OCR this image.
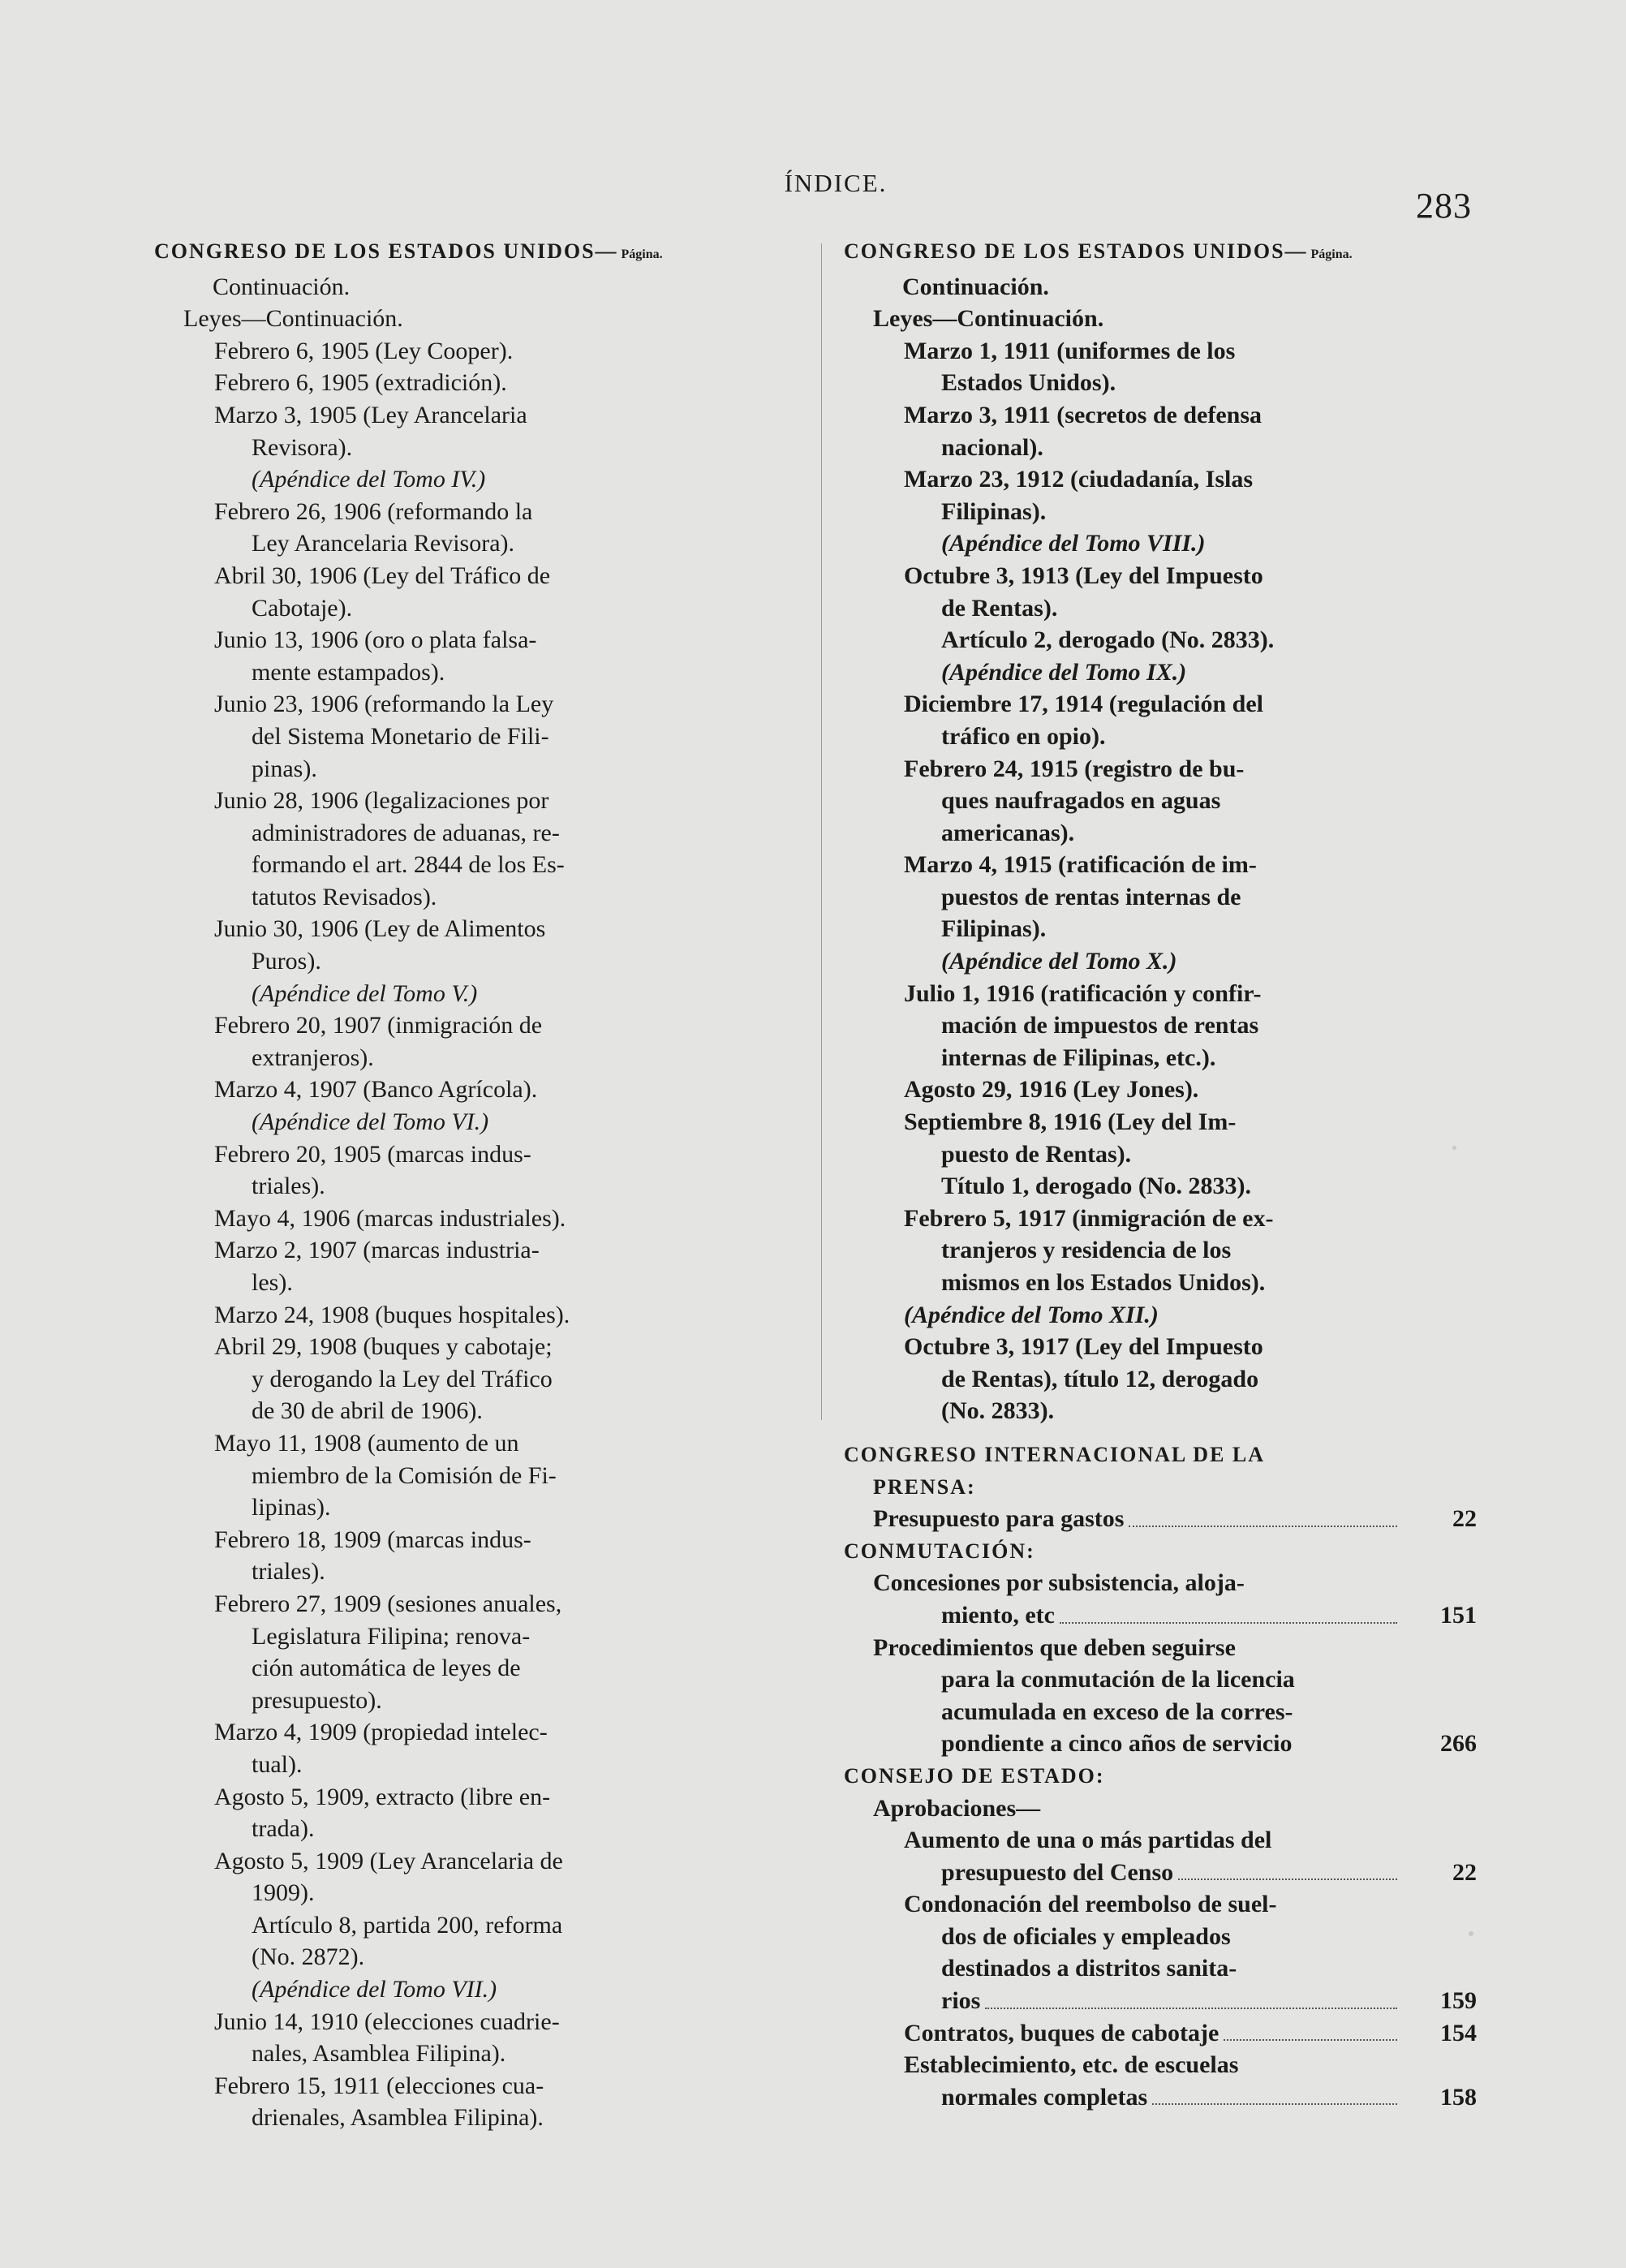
ÍNDICE.
283
CONGRESO DE LOS ESTADOS UNIDOS— Página.
Continuación.
Leyes—Continuación.
Febrero 6, 1905 (Ley Cooper).
Febrero 6, 1905 (extradición).
Marzo 3, 1905 (Ley Arancelaria
Revisora).
(Apéndice del Tomo IV.)
Febrero 26, 1906 (reformando la
Ley Arancelaria Revisora).
Abril 30, 1906 (Ley del Tráfico de
Cabotaje).
Junio 13, 1906 (oro o plata falsa-
mente estampados).
Junio 23, 1906 (reformando la Ley
del Sistema Monetario de Fili-
pinas).
Junio 28, 1906 (legalizaciones por
administradores de aduanas, re-
formando el art. 2844 de los Es-
tatutos Revisados).
Junio 30, 1906 (Ley de Alimentos
Puros).
(Apéndice del Tomo V.)
Febrero 20, 1907 (inmigración de
extranjeros).
Marzo 4, 1907 (Banco Agrícola).
(Apéndice del Tomo VI.)
Febrero 20, 1905 (marcas indus-
triales).
Mayo 4, 1906 (marcas industriales).
Marzo 2, 1907 (marcas industria-
les).
Marzo 24, 1908 (buques hospitales).
Abril 29, 1908 (buques y cabotaje;
y derogando la Ley del Tráfico
de 30 de abril de 1906).
Mayo 11, 1908 (aumento de un
miembro de la Comisión de Fi-
lipinas).
Febrero 18, 1909 (marcas indus-
triales).
Febrero 27, 1909 (sesiones anuales,
Legislatura Filipina; renova-
ción automática de leyes de
presupuesto).
Marzo 4, 1909 (propiedad intelec-
tual).
Agosto 5, 1909, extracto (libre en-
trada).
Agosto 5, 1909 (Ley Arancelaria de
1909).
Artículo 8, partida 200, reforma
(No. 2872).
(Apéndice del Tomo VII.)
Junio 14, 1910 (elecciones cuadrie-
nales, Asamblea Filipina).
Febrero 15, 1911 (elecciones cua-
drienales, Asamblea Filipina).
CONGRESO DE LOS ESTADOS UNIDOS— Página.
Continuación.
Leyes—Continuación.
Marzo 1, 1911 (uniformes de los
Estados Unidos).
Marzo 3, 1911 (secretos de defensa
nacional).
Marzo 23, 1912 (ciudadanía, Islas
Filipinas).
(Apéndice del Tomo VIII.)
Octubre 3, 1913 (Ley del Impuesto
de Rentas).
Artículo 2, derogado (No. 2833).
(Apéndice del Tomo IX.)
Diciembre 17, 1914 (regulación del
tráfico en opio).
Febrero 24, 1915 (registro de bu-
ques naufragados en aguas
americanas).
Marzo 4, 1915 (ratificación de im-
puestos de rentas internas de
Filipinas).
(Apéndice del Tomo X.)
Julio 1, 1916 (ratificación y confir-
mación de impuestos de rentas
internas de Filipinas, etc.).
Agosto 29, 1916 (Ley Jones).
Septiembre 8, 1916 (Ley del Im-
puesto de Rentas).
Título 1, derogado (No. 2833).
Febrero 5, 1917 (inmigración de ex-
tranjeros y residencia de los
mismos en los Estados Unidos).
(Apéndice del Tomo XII.)
Octubre 3, 1917 (Ley del Impuesto
de Rentas), título 12, derogado
(No. 2833).
CONGRESO INTERNACIONAL DE LA
PRENSA:
Presupuesto para gastos	22
CONMUTACIÓN:
Concesiones por subsistencia, aloja-
miento, etc	151
Procedimientos que deben seguirse
para la conmutación de la licencia
acumulada en exceso de la corres-
pondiente a cinco años de servicio	266
CONSEJO DE ESTADO:
Aprobaciones—
Aumento de una o más partidas del
presupuesto del Censo	22
Condonación del reembolso de suel-
dos de oficiales y empleados
destinados a distritos sanita-
rios	159
Contratos, buques de cabotaje	154
Establecimiento, etc. de escuelas
normales completas	158
